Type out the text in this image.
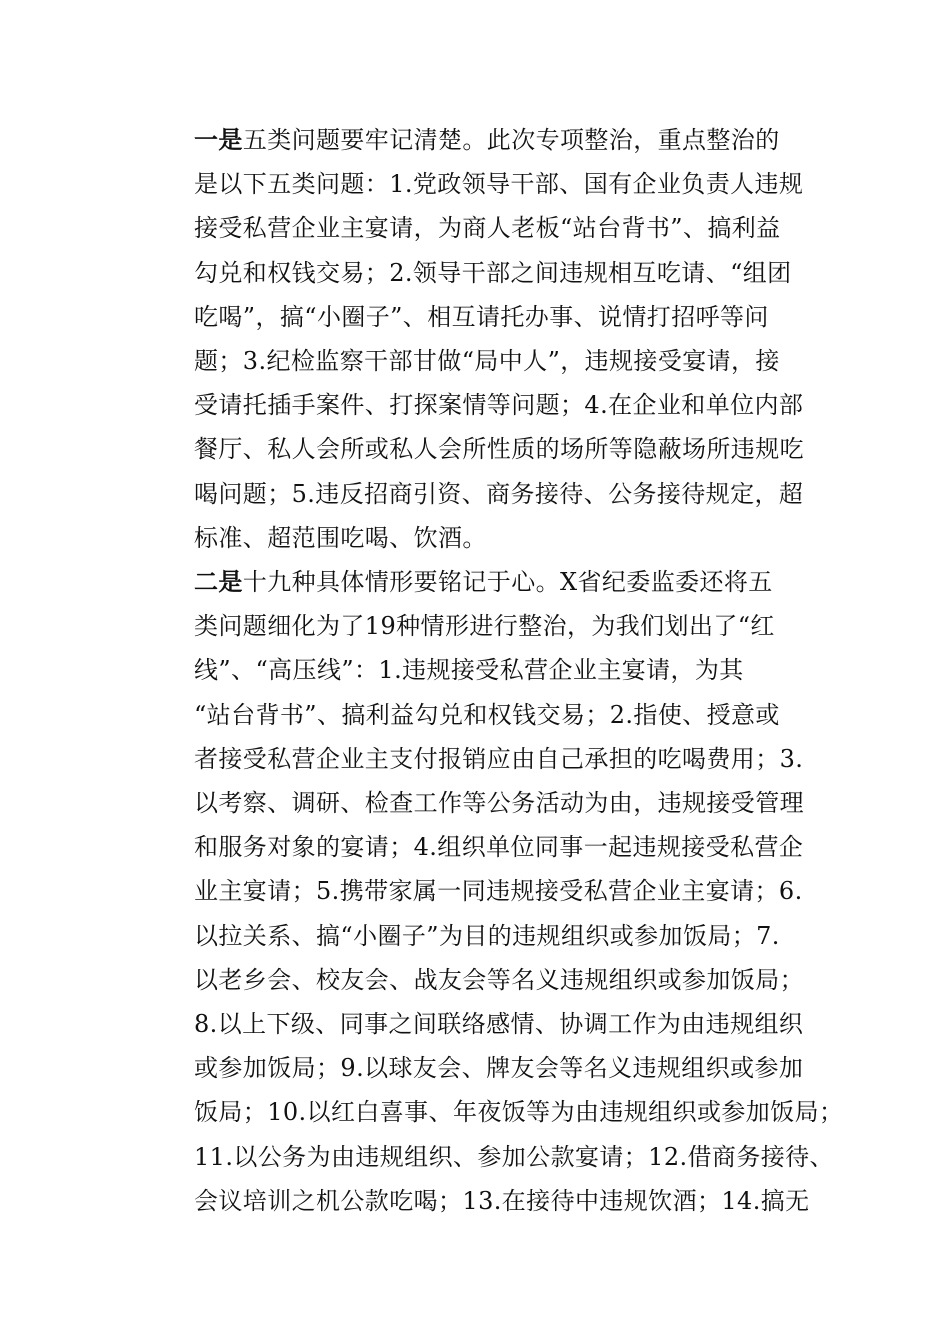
一是五类问题要牢记清楚。此次专项整治，重点整治的
是以下五类问题：1.党政领导干部、国有企业负责人违规
接受私营企业主宴请，为商人老板“站台背书”、搞利益
勾兑和权钱交易；2.领导干部之间违规相互吃请、“组团
吃喝”，搞“小圈子”、相互请托办事、说情打招呼等问
题；3.纪检监察干部甘做“局中人”，违规接受宴请，接
受请托插手案件、打探案情等问题；4.在企业和单位内部
餐厅、私人会所或私人会所性质的场所等隐蔽场所违规吃
喝问题；5.违反招商引资、商务接待、公务接待规定，超
标准、超范围吃喝、饮酒。

二是十九种具体情形要铭记于心。X省纪委监委还将五
类问题细化为了19种情形进行整治，为我们划出了“红
线”、“高压线”：1.违规接受私营企业主宴请，为其
“站台背书”、搞利益勾兑和权钱交易；2.指使、授意或
者接受私营企业主支付报销应由自己承担的吃喝费用；3.
以考察、调研、检查工作等公务活动为由，违规接受管理
和服务对象的宴请；4.组织单位同事一起违规接受私营企
业主宴请；5.携带家属一同违规接受私营企业主宴请；6.
以拉关系、搞“小圈子”为目的违规组织或参加饭局；7.
以老乡会、校友会、战友会等名义违规组织或参加饭局；
8.以上下级、同事之间联络感情、协调工作为由违规组织
或参加饭局；9.以球友会、牌友会等名义违规组织或参加
饭局；10.以红白喜事、年夜饭等为由违规组织或参加饭局；
11.以公务为由违规组织、参加公款宴请；12.借商务接待、
会议培训之机公款吃喝；13.在接待中违规饮酒；14.搞无
